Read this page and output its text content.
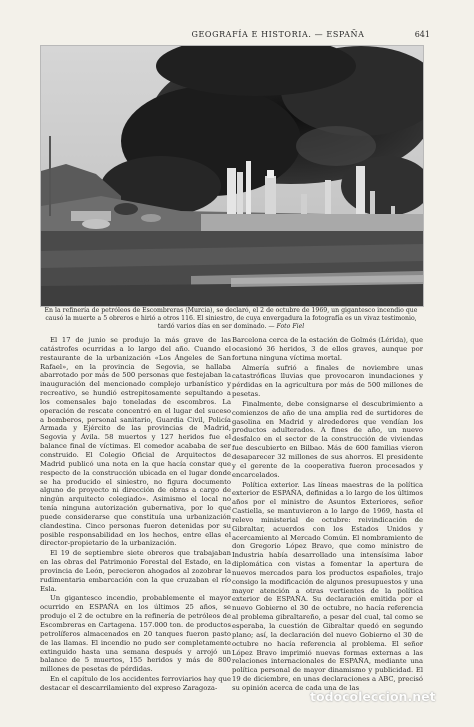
GEOGRAFÍA E HISTORIA. — ESPAÑA	641
En la refinería de petróleos de Escombreras (Murcia), se declaró, el 2 de octubre de 1969, un gigantesco incendio que causó la muerte a 5 obreros e hirió a otros 116. El siniestro, de cuya envergadura la fotografía es un vivaz testimonio, tardó varios días en ser dominado. — Foto Fiel

El 17 de junio se produjo la más grave de las catástrofes ocurridas a lo largo del año. Cuando el restaurante de la urbanización «Los Ángeles de San Rafael», en la provincia de Segovia, se hallaba abarrotado por más de 500 personas que festejaban la inauguración del mencionado complejo urbanístico y recreativo, se hundió estrepitosamente sepultando a los comensales bajo toneladas de escombros. La operación de rescate concentró en el lugar del suceso a bomberos, personal sanitario, Guardia Civil, Policía Armada y Ejército de las provincias de Madrid, Segovia y Ávila. 58 muertos y 127 heridos fue el balance final de víctimas. El comedor acababa de ser construido. El Colegio Oficial de Arquitectos de Madrid publicó una nota en la que hacía constar que respecto de la construcción ubicada en el lugar donde se ha producido el siniestro, no figura documento alguno de proyecto ni dirección de obras a cargo de ningún arquitecto colegiado». Asimismo el local no tenía ninguna autorización gubernativa, por lo que puede considerarse que constituía una urbanización clandestina. Cinco personas fueron detenidas por su posible responsabilidad en los hechos, entre ellas el director-propietario de la urbanización.

El 19 de septiembre siete obreros que trabajaban en las obras del Patrimonio Forestal del Estado, en la provincia de León, perecieron ahogados al zozobrar la rudimentaria embarcación con la que cruzaban el río Esla.

Un gigantesco incendio, probablemente el mayor ocurrido en ESPAÑA en los últimos 25 años, se produjo el 2 de octubre en la refinería de petróleos de Escombreras en Cartagena. 157.000 ton. de productos petrolíferos almacenados en 20 tanques fueron pasto de las llamas. El incendio no pudo ser completamente extinguido hasta una semana después y arrojó un balance de 5 muertos, 155 heridos y más de 800 millones de pesetas de pérdidas.

En el capítulo de los accidentes ferroviarios hay que destacar el descarrilamiento del expreso Zaragoza-

Barcelona cerca de la estación de Golmés (Lérida), que ocasionó 36 heridos, 3 de ellos graves, aunque por fortuna ninguna víctima mortal.

Almería sufrió a finales de noviembre unas catastróficas lluvias que provocaron inundaciones y pérdidas en la agricultura por más de 500 millones de pesetas.

Finalmente, debe consignarse el descubrimiento a comienzos de año de una amplia red de surtidores de gasolina en Madrid y alrededores que vendían los productos adulterados. A fines de año, un nuevo desfalco en el sector de la construcción de viviendas fue descubierto en Bilbao. Más de 600 familias vieron desaparecer 32 millones de sus ahorros. El presidente y el gerente de la cooperativa fueron procesados y encarcelados.

Política exterior. Las líneas maestras de la política exterior de ESPAÑA, definidas a lo largo de los últimos años por el ministro de Asuntos Exteriores, señor Castiella, se mantuvieron a lo largo de 1969, hasta el relevo ministerial de octubre: reivindicación de Gibraltar, acuerdos con los Estados Unidos y acercamiento al Mercado Común. El nombramiento de don Gregorio López Bravo, que como ministro de Industria había desarrollado una intensísima labor diplomática con vistas a fomentar la apertura de nuevos mercados para los productos españoles, trajo consigo la modificación de algunos presupuestos y una mayor atención a otras vertientes de la política exterior de ESPAÑA. Su declaración emitida por el nuevo Gobierno el 30 de octubre, no hacía referencia al problema gibraltareño, a pesar del cual, tal como se esperaba, la cuestión de Gibraltar quedó en segundo plano; así, la declaración del nuevo Gobierno el 30 de octubre no hacía referencia al problema. El señor López Bravo imprimió nuevas formas externas a las relaciones internacionales de ESPAÑA, mediante una política personal de mayor dinamismo y publicidad. El 19 de diciembre, en unas declaraciones a ABC, precisó su opinión acerca de cada una de las

todocoleccion.net
